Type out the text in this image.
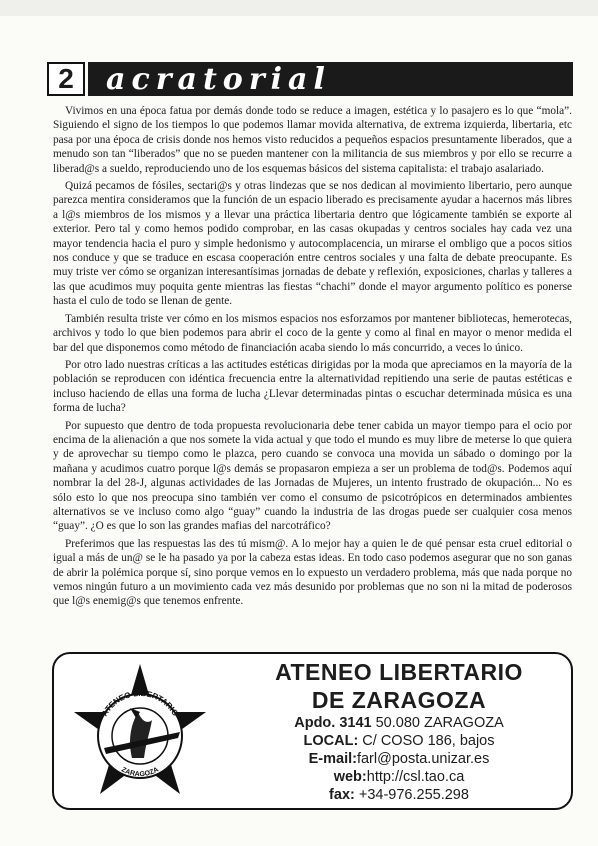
2	acratorial

Vivimos en una época fatua por demás donde todo se reduce a imagen, estética y lo pasajero es lo que “mola”. Siguiendo el signo de los tiempos lo que podemos llamar movida alternativa, de extrema izquierda, libertaria, etc pasa por una época de crisis donde nos hemos visto reducidos a pequeños espacios presuntamente liberados, que a menudo son tan “liberados” que no se pueden mantener con la militancia de sus miembros y por ello se recurre a liberad@s a sueldo, reproduciendo uno de los esquemas básicos del sistema capitalista: el trabajo asalariado.

Quizá pecamos de fósiles, sectari@s y otras lindezas que se nos dedican al movimiento libertario, pero aunque parezca mentira consideramos que la función de un espacio liberado es precisamente ayudar a hacernos más libres a l@s miembros de los mismos y a llevar una práctica libertaria dentro que lógicamente también se exporte al exterior. Pero tal y como hemos podido comprobar, en las casas okupadas y centros sociales hay cada vez una mayor tendencia hacia el puro y simple hedonismo y autocomplacencia, un mirarse el ombligo que a pocos sitios nos conduce y que se traduce en escasa cooperación entre centros sociales y una falta de debate preocupante. Es muy triste ver cómo se organizan interesantísimas jornadas de debate y reflexión, exposiciones, charlas y talleres a las que acudimos muy poquita gente mientras las fiestas “chachi” donde el mayor argumento político es ponerse hasta el culo de todo se llenan de gente.

También resulta triste ver cómo en los mismos espacios nos esforzamos por mantener bibliotecas, hemerotecas, archivos y todo lo que bien podemos para abrir el coco de la gente y como al final en mayor o menor medida el bar del que disponemos como método de financiación acaba siendo lo más concurrido, a veces lo único.

Por otro lado nuestras críticas a las actitudes estéticas dirigidas por la moda que apreciamos en la mayoría de la población se reproducen con idéntica frecuencia entre la alternatividad repitiendo una serie de pautas estéticas e incluso haciendo de ellas una forma de lucha ¿Llevar determinadas pintas o escuchar determinada música es una forma de lucha?

Por supuesto que dentro de toda propuesta revolucionaria debe tener cabida un mayor tiempo para el ocio por encima de la alienación a que nos somete la vida actual y que todo el mundo es muy libre de meterse lo que quiera y de aprovechar su tiempo como le plazca, pero cuando se convoca una movida un sábado o domingo por la mañana y acudimos cuatro porque l@s demás se propasaron empieza a ser un problema de tod@s. Podemos aquí nombrar la del 28-J, algunas actividades de las Jornadas de Mujeres, un intento frustrado de okupación... No es sólo esto lo que nos preocupa sino también ver como el consumo de psicotrópicos en determinados ambientes alternativos se ve incluso como algo “guay” cuando la industria de las drogas puede ser cualquier cosa menos “guay”. ¿O es que lo son las grandes mafias del narcotráfico?

Preferimos que las respuestas las des tú mism@. A lo mejor hay a quien le de qué pensar esta cruel editorial o igual a más de un@ se le ha pasado ya por la cabeza estas ideas. En todo caso podemos asegurar que no son ganas de abrir la polémica porque sí, sino porque vemos en lo expuesto un verdadero problema, más que nada porque no vemos ningún futuro a un movimiento cada vez más desunido por problemas que no son ni la mitad de poderosos que l@s enemig@s que tenemos enfrente.

ATENEO LIBERTARIO
ZARAGOZA
ATENEO LIBERTARIO
DE ZARAGOZA
Apdo. 3141 50.080 ZARAGOZA
LOCAL: C/ COSO 186, bajos
E-mail:farl@posta.unizar.es
web:http://csl.tao.ca
fax: +34-976.255.298
